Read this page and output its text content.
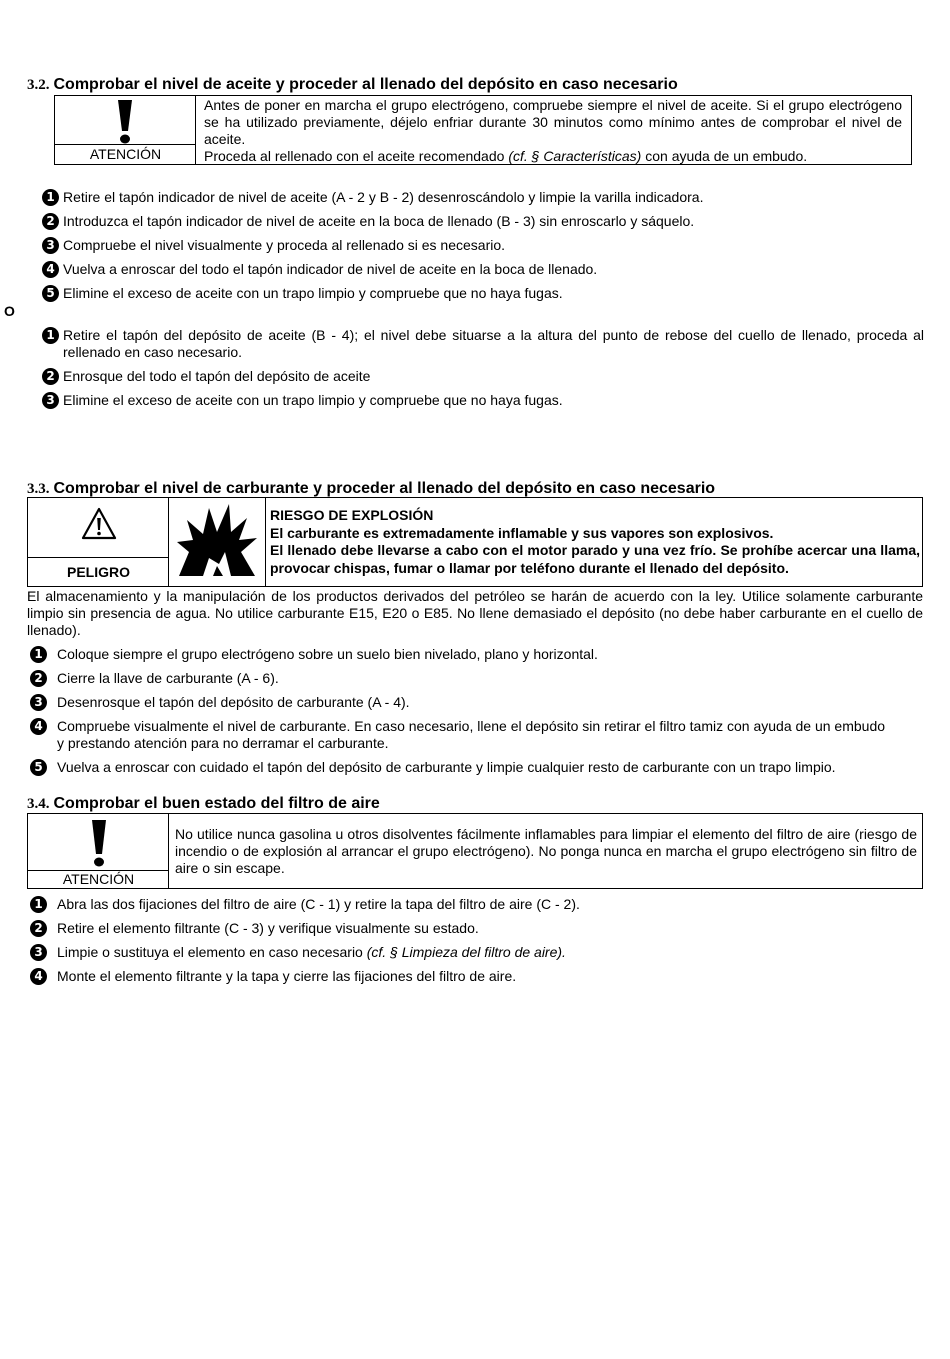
3.2. Comprobar el nivel de aceite y proceder al llenado del depósito en caso necesario
ATENCIÓN
Antes de poner en marcha el grupo electrógeno, compruebe siempre el nivel de aceite. Si el grupo electrógeno se ha utilizado previamente, déjelo enfriar durante 30 minutos como mínimo antes de comprobar el nivel de aceite.
Proceda al rellenado con el aceite recomendado (cf. § Características) con ayuda de un embudo.
1 Retire el tapón indicador de nivel de aceite (A - 2 y B - 2) desenroscándolo y limpie la varilla indicadora.
2 Introduzca el tapón indicador de nivel de aceite en la boca de llenado (B - 3) sin enroscarlo y sáquelo.
3 Compruebe el nivel visualmente y proceda al rellenado si es necesario.
4 Vuelva a enroscar del todo el tapón indicador de nivel de aceite en la boca de llenado.
5 Elimine el exceso de aceite con un trapo limpio y compruebe que no haya fugas.
O
1 Retire el tapón del depósito de aceite (B - 4); el nivel debe situarse a la altura del punto de rebose del cuello de llenado, proceda al rellenado en caso necesario.
2 Enrosque del todo el tapón del depósito de aceite
3 Elimine el exceso de aceite con un trapo limpio y compruebe que no haya fugas.
3.3. Comprobar el nivel de carburante y proceder al llenado del depósito en caso necesario
PELIGRO
RIESGO DE EXPLOSIÓN
El carburante es extremadamente inflamable y sus vapores son explosivos.
El llenado debe llevarse a cabo con el motor parado y una vez frío. Se prohíbe acercar una llama, provocar chispas, fumar o llamar por teléfono durante el llenado del depósito.
El almacenamiento y la manipulación de los productos derivados del petróleo se harán de acuerdo con la ley. Utilice solamente carburante limpio sin presencia de agua. No utilice carburante E15, E20 o E85. No llene demasiado el depósito (no debe haber carburante en el cuello de llenado).
1	Coloque siempre el grupo electrógeno sobre un suelo bien nivelado, plano y horizontal.
2	Cierre la llave de carburante (A - 6).
3	Desenrosque el tapón del depósito de carburante (A - 4).
4	Compruebe visualmente el nivel de carburante. En caso necesario, llene el depósito sin retirar el filtro tamiz con ayuda de un embudo y prestando atención para no derramar el carburante.
5	Vuelva a enroscar con cuidado el tapón del depósito de carburante y limpie cualquier resto de carburante con un trapo limpio.
3.4. Comprobar el buen estado del filtro de aire
ATENCIÓN
No utilice nunca gasolina u otros disolventes fácilmente inflamables para limpiar el elemento del filtro de aire (riesgo de incendio o de explosión al arrancar el grupo electrógeno). No ponga nunca en marcha el grupo electrógeno sin filtro de aire o sin escape.
1	Abra las dos fijaciones del filtro de aire (C - 1) y retire la tapa del filtro de aire (C - 2).
2	Retire el elemento filtrante (C - 3) y verifique visualmente su estado.
3	Limpie o sustituya el elemento en caso necesario (cf. § Limpieza del filtro de aire).
4	Monte el elemento filtrante y la tapa y cierre las fijaciones del filtro de aire.
